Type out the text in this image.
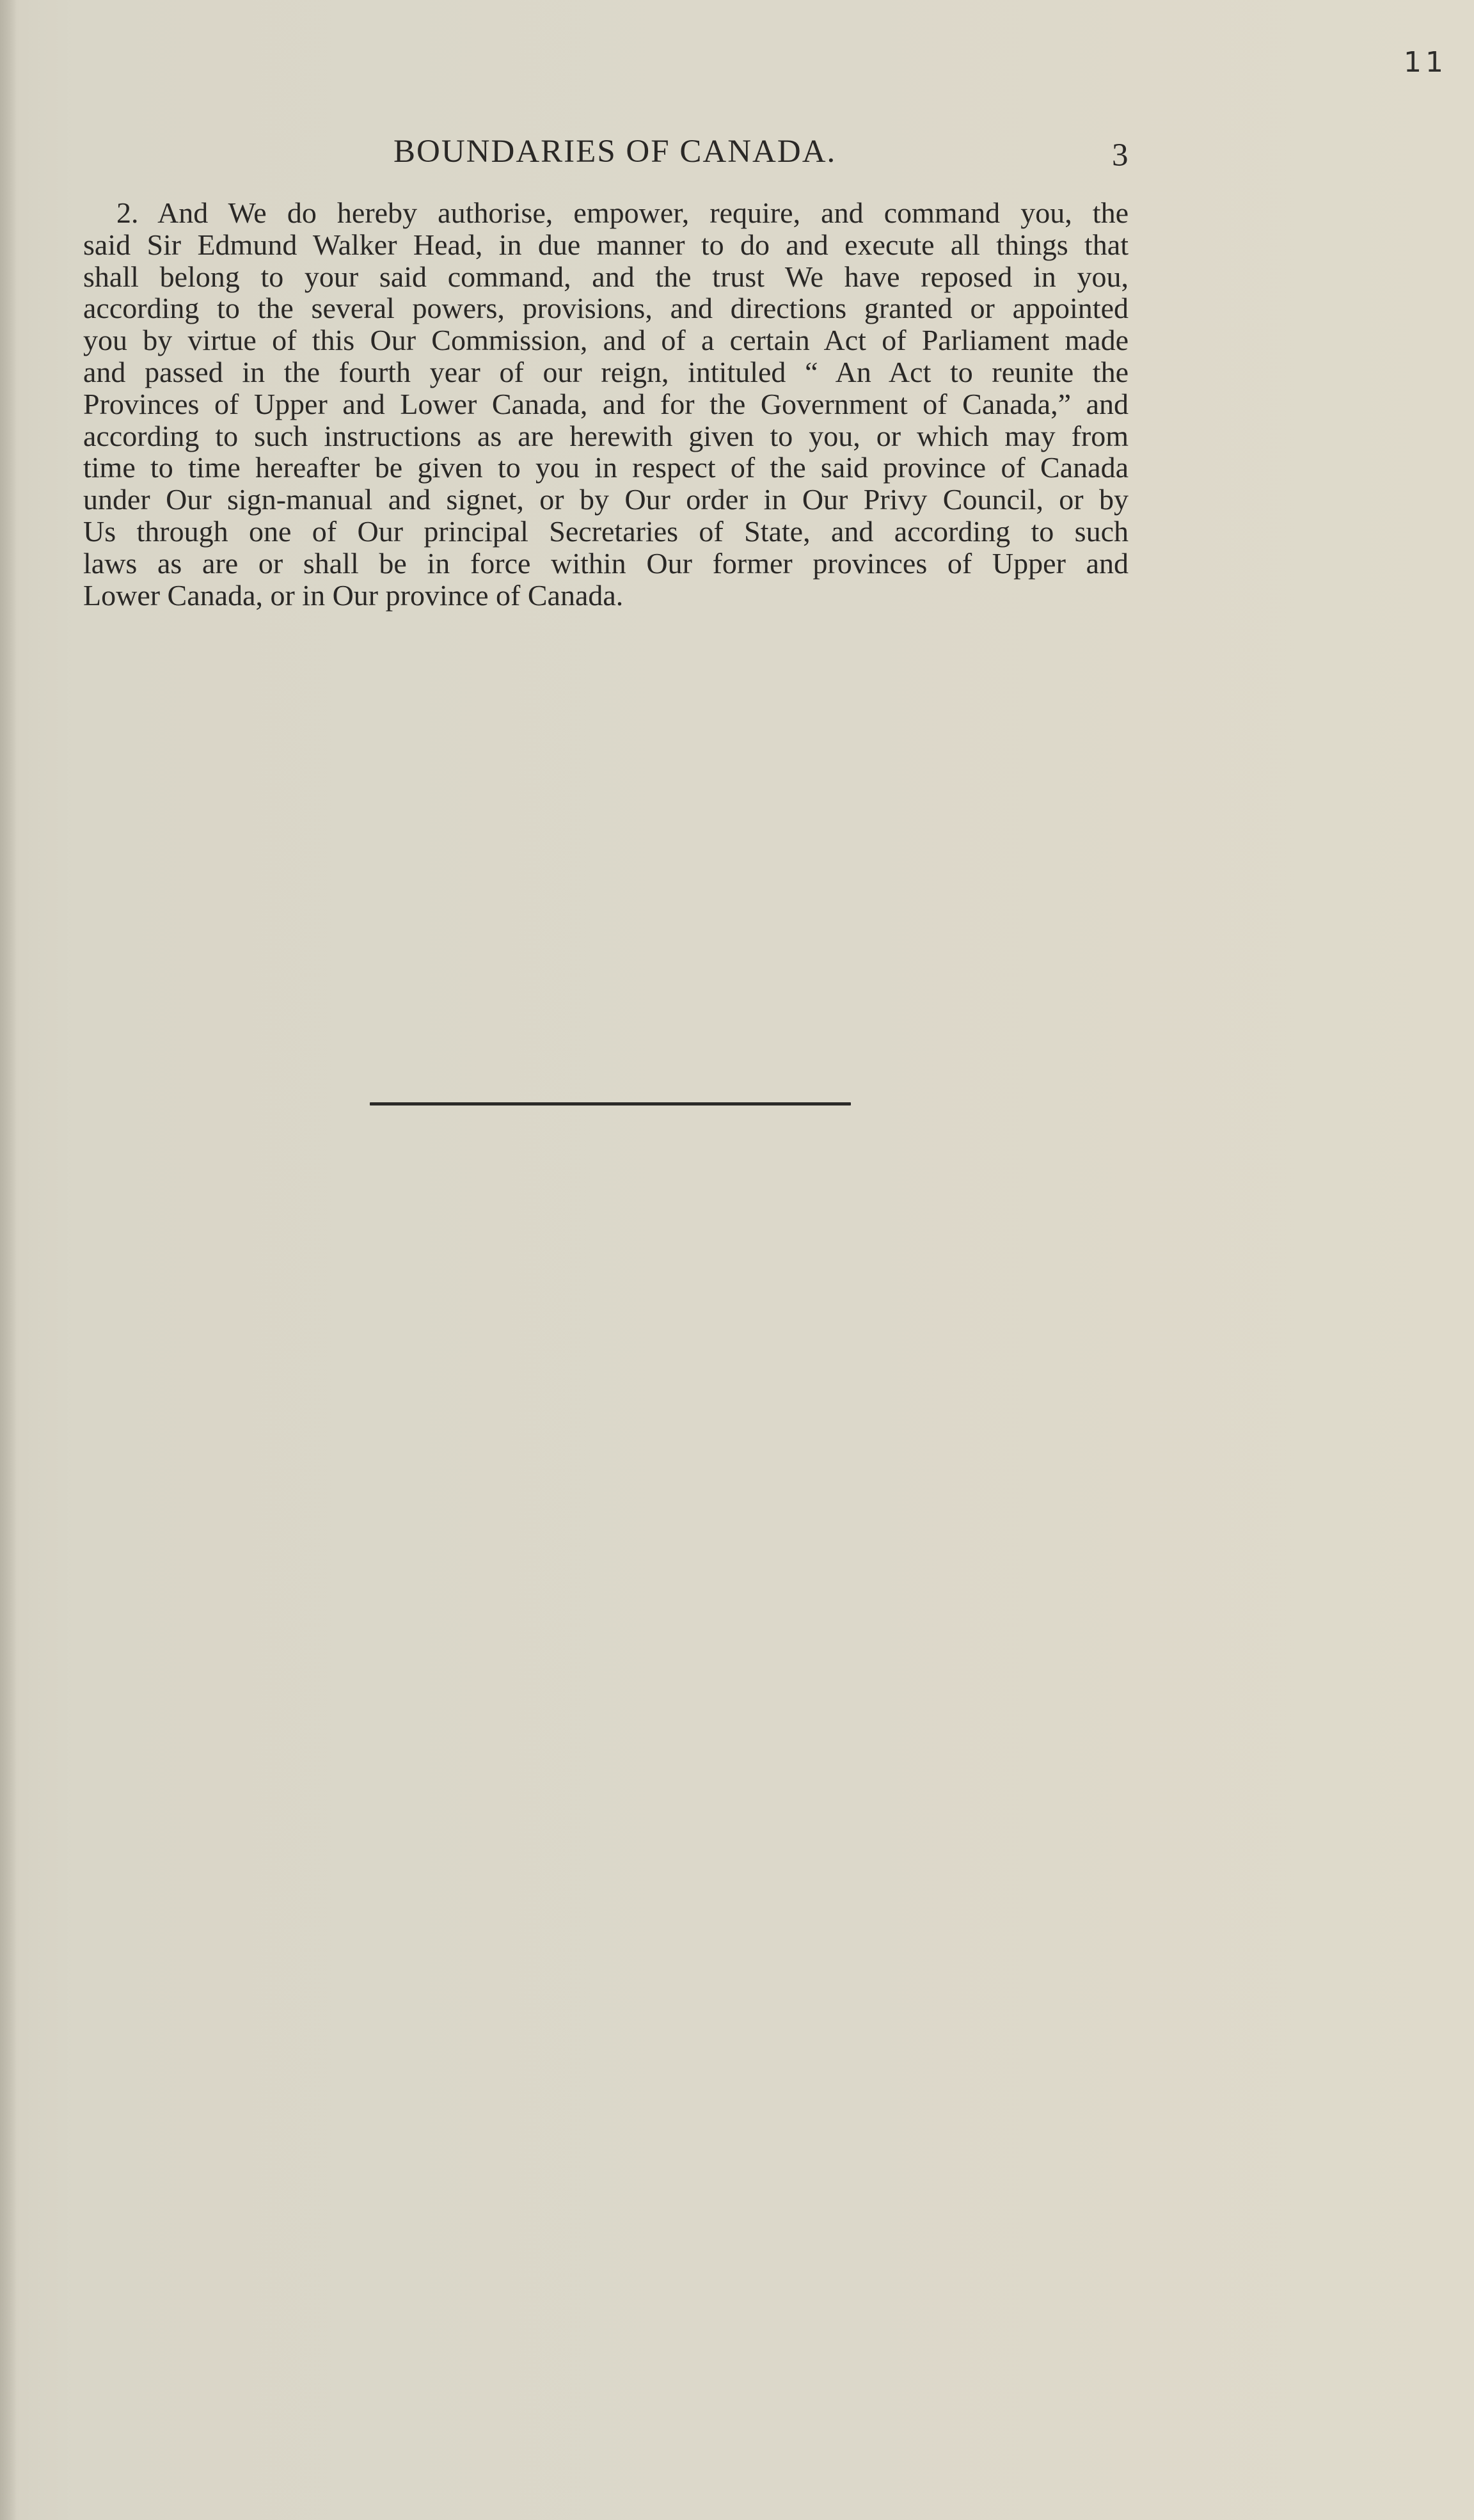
11
BOUNDARIES OF CANADA.	3
2. And We do hereby authorise, empower, require, and command you, the
said Sir Edmund Walker Head, in due manner to do and execute all things that
shall belong to your said command, and the trust We have reposed in you,
according to the several powers, provisions, and directions granted or appointed
you by virtue of this Our Commission, and of a certain Act of Parliament made
and passed in the fourth year of our reign, intituled “ An Act to reunite the
Provinces of Upper and Lower Canada, and for the Government of Canada,” and
according to such instructions as are herewith given to you, or which may from
time to time hereafter be given to you in respect of the said province of Canada
under Our sign-manual and signet, or by Our order in Our Privy Council, or by
Us through one of Our principal Secretaries of State, and according to such
laws as are or shall be in force within Our former provinces of Upper and
Lower Canada, or in Our province of Canada.
